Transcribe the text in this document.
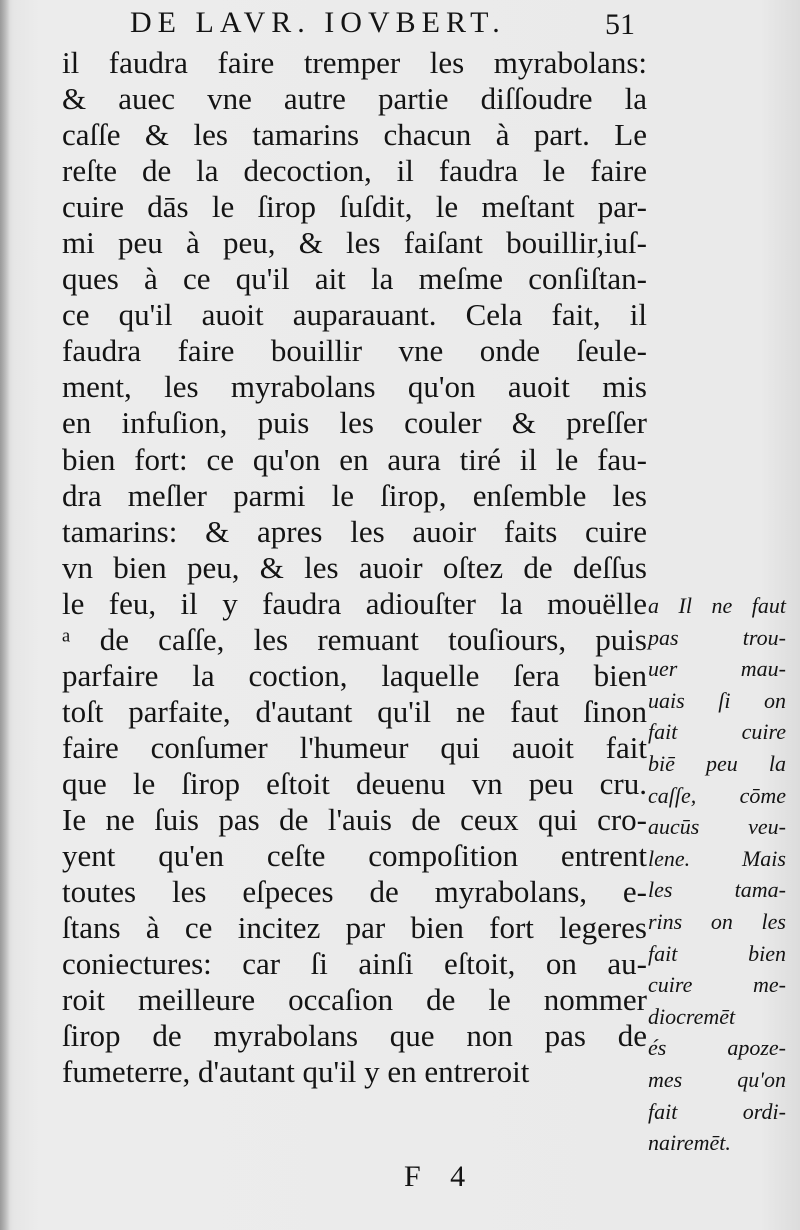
DE LAVR. IOVBERT.	51
il faudra faire tremper les myrabolans:
& auec vne autre partie diſſoudre la
caſſe & les tamarins chacun à part. Le
reſte de la decoction, il faudra le faire
cuire dās le ſirop ſuſdit, le meſtant par-
mi peu à peu, & les faiſant bouillir,iuſ-
ques à ce qu'il ait la meſme conſiſtan-
ce qu'il auoit auparauant. Cela fait, il
faudra faire bouillir vne onde ſeule-
ment, les myrabolans qu'on auoit mis
en infuſion, puis les couler & preſſer
bien fort: ce qu'on en aura tiré il le fau-
dra meſler parmi le ſirop, enſemble les
tamarins: & apres les auoir faits cuire
vn bien peu, & les auoir oſtez de deſſus
le feu, il y faudra adiouſter la mouëlle
ᵃ de caſſe, les remuant touſiours, puis
parfaire la coction, laquelle ſera bien
toſt parfaite, d'autant qu'il ne faut ſinon
faire conſumer l'humeur qui auoit fait
que le ſirop eſtoit deuenu vn peu cru.
Ie ne ſuis pas de l'auis de ceux qui cro-
yent qu'en ceſte compoſition entrent
toutes les eſpeces de myrabolans, e-
ſtans à ce incitez par bien fort legeres
coniectures: car ſi ainſi eſtoit, on au-
roit meilleure occaſion de le nommer
ſirop de myrabolans que non pas de
fumeterre, d'autant qu'il y en entreroit
a Il ne faut
pas trou-
uer mau-
uais ſi on
fait cuire
biē peu la
caſſe, cōme
aucūs veu-
lene. Mais
les tama-
rins on les
fait bien
cuire me-
diocremēt
és apoze-
mes qu'on
fait ordi-
nairemēt.
F 4
